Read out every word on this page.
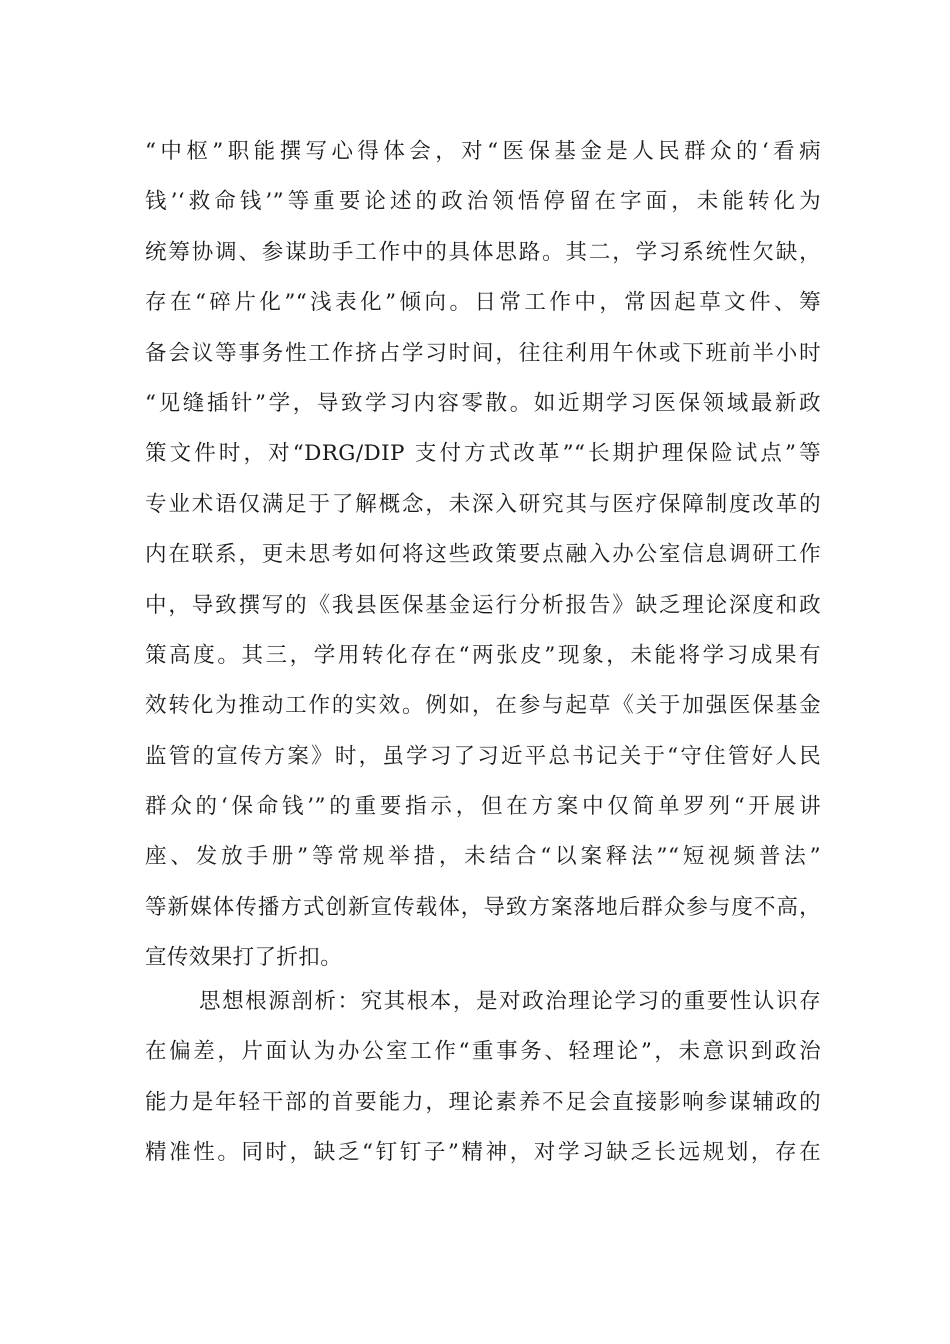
“中枢”职能撰写心得体会，对“医保基金是人民群众的‘看病
钱’‘救命钱’”等重要论述的政治领悟停留在字面，未能转化为
统筹协调、参谋助手工作中的具体思路。其二，学习系统性欠缺，
存在“碎片化”“浅表化”倾向。日常工作中，常因起草文件、筹
备会议等事务性工作挤占学习时间，往往利用午休或下班前半小时
“见缝插针”学，导致学习内容零散。如近期学习医保领域最新政
策文件时，对“DRG/DIP 支付方式改革”“长期护理保险试点”等
专业术语仅满足于了解概念，未深入研究其与医疗保障制度改革的
内在联系，更未思考如何将这些政策要点融入办公室信息调研工作
中，导致撰写的《我县医保基金运行分析报告》缺乏理论深度和政
策高度。其三，学用转化存在“两张皮”现象，未能将学习成果有
效转化为推动工作的实效。例如，在参与起草《关于加强医保基金
监管的宣传方案》时，虽学习了习近平总书记关于“守住管好人民
群众的‘保命钱’”的重要指示，但在方案中仅简单罗列“开展讲
座、发放手册”等常规举措，未结合“以案释法”“短视频普法”
等新媒体传播方式创新宣传载体，导致方案落地后群众参与度不高，
宣传效果打了折扣。
思想根源剖析：究其根本，是对政治理论学习的重要性认识存
在偏差，片面认为办公室工作“重事务、轻理论”，未意识到政治
能力是年轻干部的首要能力，理论素养不足会直接影响参谋辅政的
精准性。同时，缺乏“钉钉子”精神，对学习缺乏长远规划，存在
